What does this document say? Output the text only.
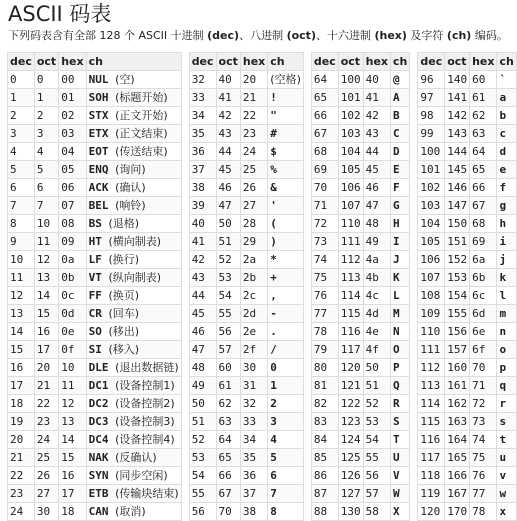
ASCII 码表

下列码表含有全部 128 个 ASCII 十进制 (dec)、八进制 (oct)、十六进制 (hex) 及字符 (ch) 编码。

dec	oct	hex	ch
0	0	00	NUL (空)
1	1	01	SOH (标题开始)
2	2	02	STX (正文开始)
3	3	03	ETX (正文结束)
4	4	04	EOT (传送结束)
5	5	05	ENQ (询问)
6	6	06	ACK (确认)
7	7	07	BEL (响铃)
8	10	08	BS (退格)
9	11	09	HT (横向制表)
10	12	0a	LF (换行)
11	13	0b	VT (纵向制表)
12	14	0c	FF (换页)
13	15	0d	CR (回车)
14	16	0e	SO (移出)
15	17	0f	SI (移入)
16	20	10	DLE (退出数据链)
17	21	11	DC1 (设备控制1)
18	22	12	DC2 (设备控制2)
19	23	13	DC3 (设备控制3)
20	24	14	DC4 (设备控制4)
21	25	15	NAK (反确认)
22	26	16	SYN (同步空闲)
23	27	17	ETB (传输块结束)
24	30	18	CAN (取消)
dec	oct	hex	ch
32	40	20	(空格)
33	41	21	!
34	42	22	"
35	43	23	#
36	44	24	$
37	45	25	%
38	46	26	&
39	47	27	'
40	50	28	(
41	51	29	)
42	52	2a	*
43	53	2b	+
44	54	2c	,
45	55	2d	-
46	56	2e	.
47	57	2f	/
48	60	30	0
49	61	31	1
50	62	32	2
51	63	33	3
52	64	34	4
53	65	35	5
54	66	36	6
55	67	37	7
56	70	38	8
dec	oct	hex	ch
64	100	40	@
65	101	41	A
66	102	42	B
67	103	43	C
68	104	44	D
69	105	45	E
70	106	46	F
71	107	47	G
72	110	48	H
73	111	49	I
74	112	4a	J
75	113	4b	K
76	114	4c	L
77	115	4d	M
78	116	4e	N
79	117	4f	O
80	120	50	P
81	121	51	Q
82	122	52	R
83	123	53	S
84	124	54	T
85	125	55	U
86	126	56	V
87	127	57	W
88	130	58	X
dec	oct	hex	ch
96	140	60	`
97	141	61	a
98	142	62	b
99	143	63	c
100	144	64	d
101	145	65	e
102	146	66	f
103	147	67	g
104	150	68	h
105	151	69	i
106	152	6a	j
107	153	6b	k
108	154	6c	l
109	155	6d	m
110	156	6e	n
111	157	6f	o
112	160	70	p
113	161	71	q
114	162	72	r
115	163	73	s
116	164	74	t
117	165	75	u
118	166	76	v
119	167	77	w
120	170	78	x
